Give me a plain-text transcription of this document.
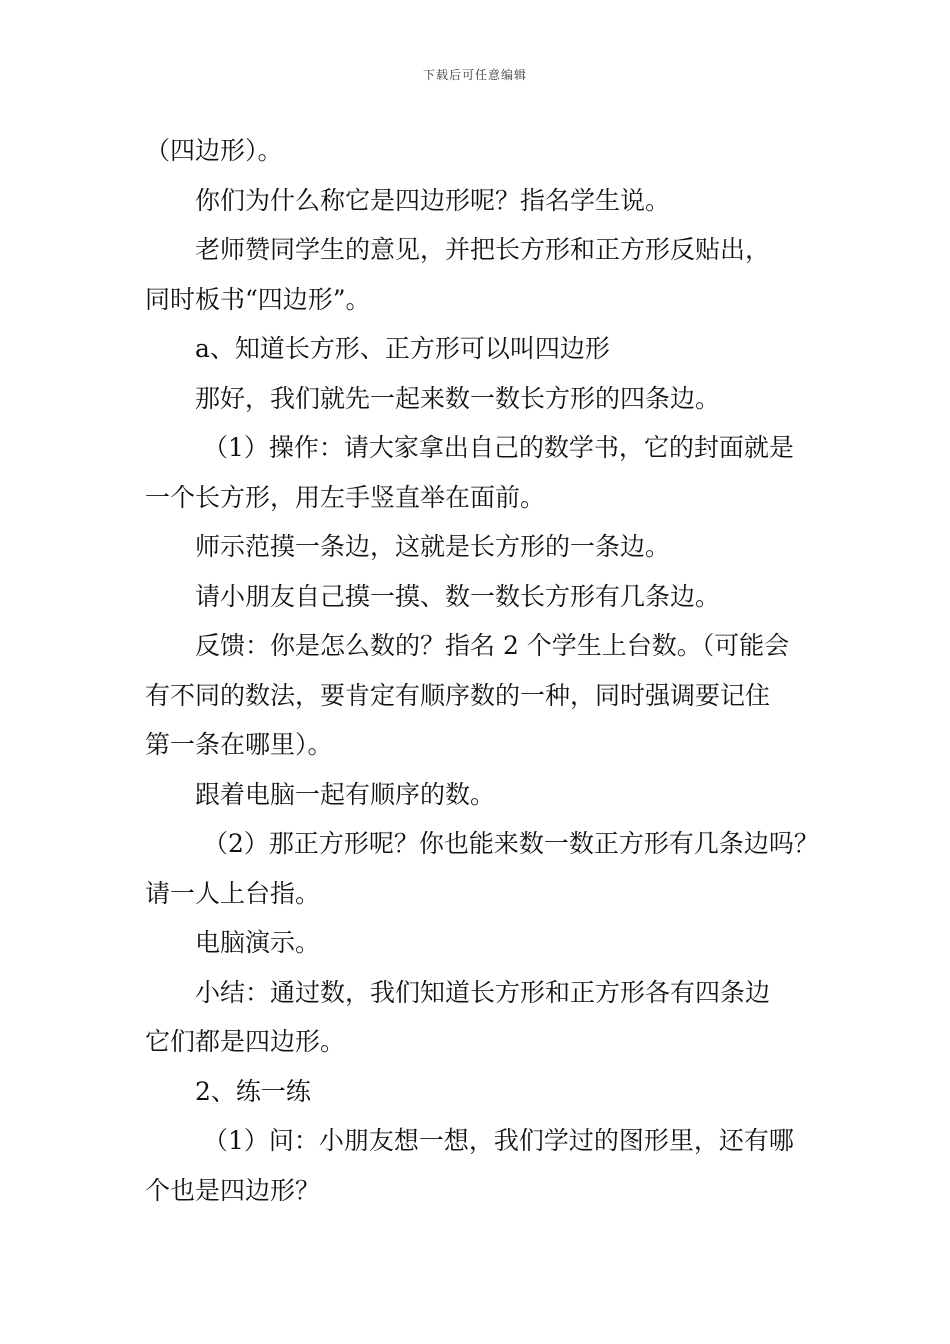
下载后可任意编辑
（四边形）。
你们为什么称它是四边形呢？指名学生说。
老师赞同学生的意见，并把长方形和正方形反贴出，
同时板书“四边形”。
a、知道长方形、正方形可以叫四边形
那好，我们就先一起来数一数长方形的四条边。
（1）操作：请大家拿出自己的数学书，它的封面就是
一个长方形，用左手竖直举在面前。
师示范摸一条边，这就是长方形的一条边。
请小朋友自己摸一摸、数一数长方形有几条边。
反馈：你是怎么数的？指名 2 个学生上台数。（可能会
有不同的数法，要肯定有顺序数的一种，同时强调要记住
第一条在哪里）。
跟着电脑一起有顺序的数。
（2）那正方形呢？你也能来数一数正方形有几条边吗？
请一人上台指。
电脑演示。
小结：通过数，我们知道长方形和正方形各有四条边
它们都是四边形。
2、练一练
（1）问：小朋友想一想，我们学过的图形里，还有哪
个也是四边形？
